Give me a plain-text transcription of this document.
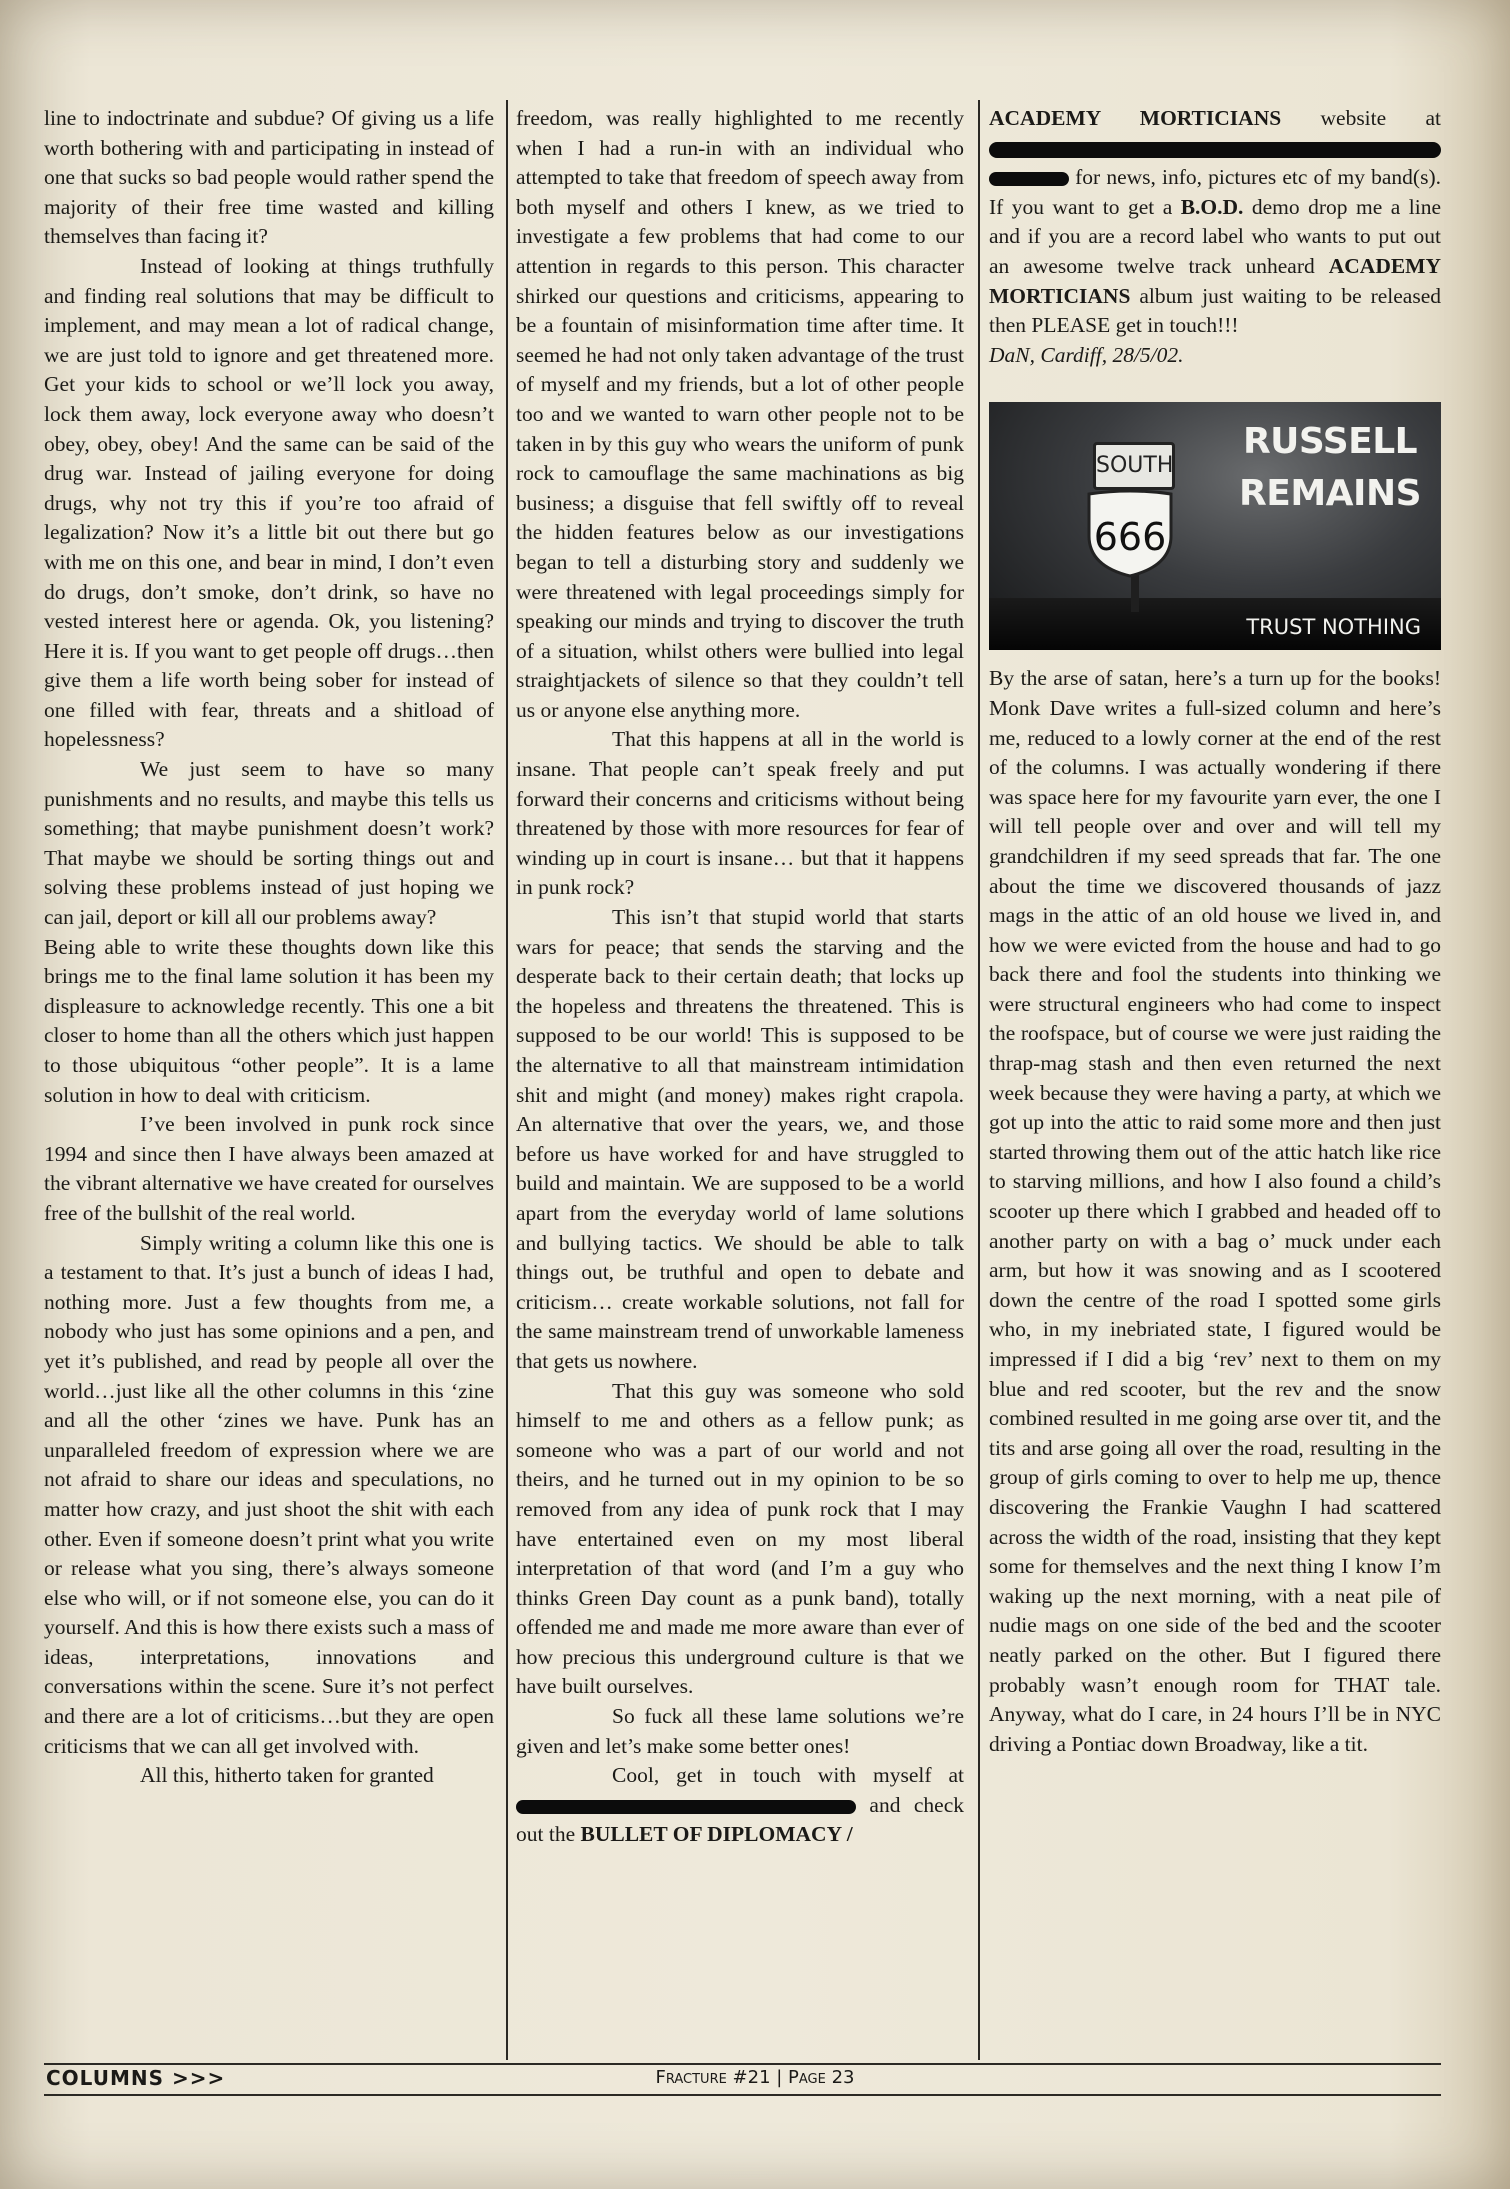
line to indoctrinate and subdue? Of giving us a life worth bothering with and participating in instead of one that sucks so bad people would rather spend the majority of their free time wasted and killing themselves than facing it?

Instead of looking at things truthfully and finding real solutions that may be difficult to implement, and may mean a lot of radical change, we are just told to ignore and get threatened more. Get your kids to school or we’ll lock you away, lock them away, lock everyone away who doesn’t obey, obey, obey! And the same can be said of the drug war. Instead of jailing everyone for doing drugs, why not try this if you’re too afraid of legalization? Now it’s a little bit out there but go with me on this one, and bear in mind, I don’t even do drugs, don’t smoke, don’t drink, so have no vested interest here or agenda. Ok, you listening? Here it is. If you want to get people off drugs…then give them a life worth being sober for instead of one filled with fear, threats and a shitload of hopelessness?

We just seem to have so many punishments and no results, and maybe this tells us something; that maybe punishment doesn’t work? That maybe we should be sorting things out and solving these problems instead of just hoping we can jail, deport or kill all our problems away?

Being able to write these thoughts down like this brings me to the final lame solution it has been my displeasure to acknowledge recently. This one a bit closer to home than all the others which just happen to those ubiquitous “other people”. It is a lame solution in how to deal with criticism.

I’ve been involved in punk rock since 1994 and since then I have always been amazed at the vibrant alternative we have created for ourselves free of the bullshit of the real world.

Simply writing a column like this one is a testament to that. It’s just a bunch of ideas I had, nothing more. Just a few thoughts from me, a nobody who just has some opinions and a pen, and yet it’s published, and read by people all over the world…just like all the other columns in this ‘zine and all the other ‘zines we have. Punk has an unparalleled freedom of expression where we are not afraid to share our ideas and speculations, no matter how crazy, and just shoot the shit with each other. Even if someone doesn’t print what you write or release what you sing, there’s always someone else who will, or if not someone else, you can do it yourself. And this is how there exists such a mass of ideas, interpretations, innovations and conversations within the scene. Sure it’s not perfect and there are a lot of criticisms…but they are open criticisms that we can all get involved with.

All this, hitherto taken for granted

freedom, was really highlighted to me recently when I had a run-in with an individual who attempted to take that freedom of speech away from both myself and others I knew, as we tried to investigate a few problems that had come to our attention in regards to this person. This character shirked our questions and criticisms, appearing to be a fountain of misinformation time after time. It seemed he had not only taken advantage of the trust of myself and my friends, but a lot of other people too and we wanted to warn other people not to be taken in by this guy who wears the uniform of punk rock to camouflage the same machinations as big business; a disguise that fell swiftly off to reveal the hidden features below as our investigations began to tell a disturbing story and suddenly we were threatened with legal proceedings simply for speaking our minds and trying to discover the truth of a situation, whilst others were bullied into legal straightjackets of silence so that they couldn’t tell us or anyone else anything more.

That this happens at all in the world is insane. That people can’t speak freely and put forward their concerns and criticisms without being threatened by those with more resources for fear of winding up in court is insane… but that it happens in punk rock?

This isn’t that stupid world that starts wars for peace; that sends the starving and the desperate back to their certain death; that locks up the hopeless and threatens the threatened. This is supposed to be our world! This is supposed to be the alternative to all that mainstream intimidation shit and might (and money) makes right crapola. An alternative that over the years, we, and those before us have worked for and have struggled to build and maintain. We are supposed to be a world apart from the everyday world of lame solutions and bullying tactics. We should be able to talk things out, be truthful and open to debate and criticism… create workable solutions, not fall for the same mainstream trend of unworkable lameness that gets us nowhere.

That this guy was someone who sold himself to me and others as a fellow punk; as someone who was a part of our world and not theirs, and he turned out in my opinion to be so removed from any idea of punk rock that I may have entertained even on my most liberal interpretation of that word (and I’m a guy who thinks Green Day count as a punk band), totally offended me and made me more aware than ever of how precious this underground culture is that we have built ourselves.

So fuck all these lame solutions we’re given and let’s make some better ones!

Cool, get in touch with myself at  and check out the BULLET OF DIPLOMACY /

ACADEMY MORTICIANS website at   for news, info, pictures etc of my band(s). If you want to get a B.O.D. demo drop me a line and if you are a record label who wants to put out an awesome twelve track unheard ACADEMY MORTICIANS album just waiting to be released then PLEASE get in touch!!!

DaN, Cardiff, 28/5/02.

SOUTH
666
RUSSELL
REMAINS
TRUST NOTHING

By the arse of satan, here’s a turn up for the books! Monk Dave writes a full-sized column and here’s me, reduced to a lowly corner at the end of the rest of the columns. I was actually wondering if there was space here for my favourite yarn ever, the one I will tell people over and over and will tell my grandchildren if my seed spreads that far. The one about the time we discovered thousands of jazz mags in the attic of an old house we lived in, and how we were evicted from the house and had to go back there and fool the students into thinking we were structural engineers who had come to inspect the roofspace, but of course we were just raiding the thrap-mag stash and then even returned the next week because they were having a party, at which we got up into the attic to raid some more and then just started throwing them out of the attic hatch like rice to starving millions, and how I also found a child’s scooter up there which I grabbed and headed off to another party on with a bag o’ muck under each arm, but how it was snowing and as I scootered down the centre of the road I spotted some girls who, in my inebriated state, I figured would be impressed if I did a big ‘rev’ next to them on my blue and red scooter, but the rev and the snow combined resulted in me going arse over tit, and the tits and arse going all over the road, resulting in the group of girls coming to over to help me up, thence discovering the Frankie Vaughn I had scattered across the width of the road, insisting that they kept some for themselves and the next thing I know I’m waking up the next morning, with a neat pile of nudie mags on one side of the bed and the scooter neatly parked on the other. But I figured there probably wasn’t enough room for THAT tale. Anyway, what do I care, in 24 hours I’ll be in NYC driving a Pontiac down Broadway, like a tit.

COLUMNS >>>	Fracture #21 | Page 23
